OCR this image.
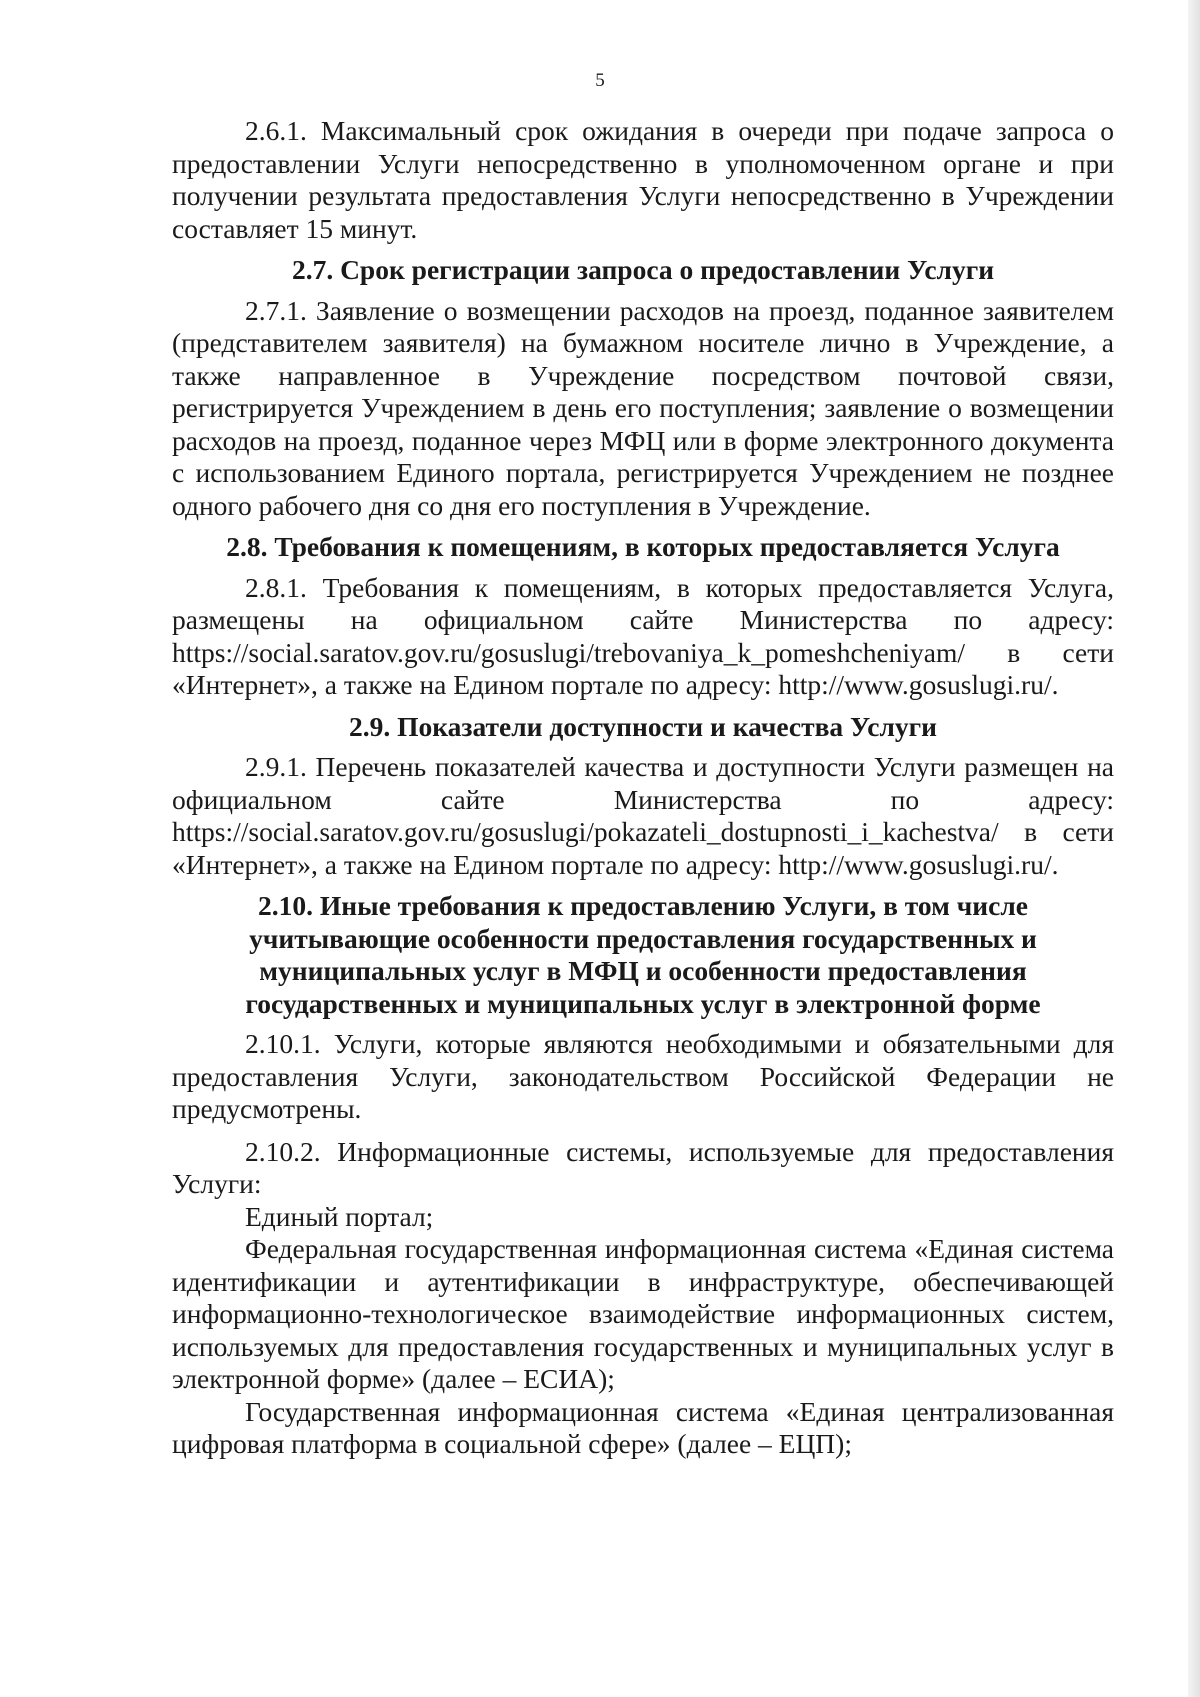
5

2.6.1. Максимальный срок ожидания в очереди при подаче запроса о предоставлении Услуги непосредственно в уполномоченном органе и при получении результата предоставления Услуги непосредственно в Учреждении составляет 15 минут.

2.7. Срок регистрации запроса о предоставлении Услуги

2.7.1. Заявление о возмещении расходов на проезд, поданное заявителем (представителем заявителя) на бумажном носителе лично в Учреждение, а также направленное в Учреждение посредством почтовой связи, регистрируется Учреждением в день его поступления; заявление о возмещении расходов на проезд, поданное через МФЦ или в форме электронного документа с использованием Единого портала, регистрируется Учреждением не позднее одного рабочего дня со дня его поступления в Учреждение.

2.8. Требования к помещениям, в которых предоставляется Услуга

2.8.1. Требования к помещениям, в которых предоставляется Услуга, размещены на официальном сайте Министерства по адресу: https://social.saratov.gov.ru/gosuslugi/trebovaniya_k_pomeshcheniyam/ в сети «Интернет», а также на Едином портале по адресу: http://www.gosuslugi.ru/.

2.9. Показатели доступности и качества Услуги

2.9.1. Перечень показателей качества и доступности Услуги размещен на официальном сайте Министерства по адресу: https://social.saratov.gov.ru/gosuslugi/pokazateli_dostupnosti_i_kachestva/ в сети «Интернет», а также на Едином портале по адресу: http://www.gosuslugi.ru/.

2.10. Иные требования к предоставлению Услуги, в том числе учитывающие особенности предоставления государственных и муниципальных услуг в МФЦ и особенности предоставления государственных и муниципальных услуг в электронной форме

2.10.1. Услуги, которые являются необходимыми и обязательными для предоставления Услуги, законодательством Российской Федерации не предусмотрены.

2.10.2. Информационные системы, используемые для предоставления Услуги:

Единый портал;

Федеральная государственная информационная система «Единая система идентификации и аутентификации в инфраструктуре, обеспечивающей информационно-технологическое взаимодействие информационных систем, используемых для предоставления государственных и муниципальных услуг в электронной форме» (далее – ЕСИА);

Государственная информационная система «Единая централизованная цифровая платформа в социальной сфере» (далее – ЕЦП);
